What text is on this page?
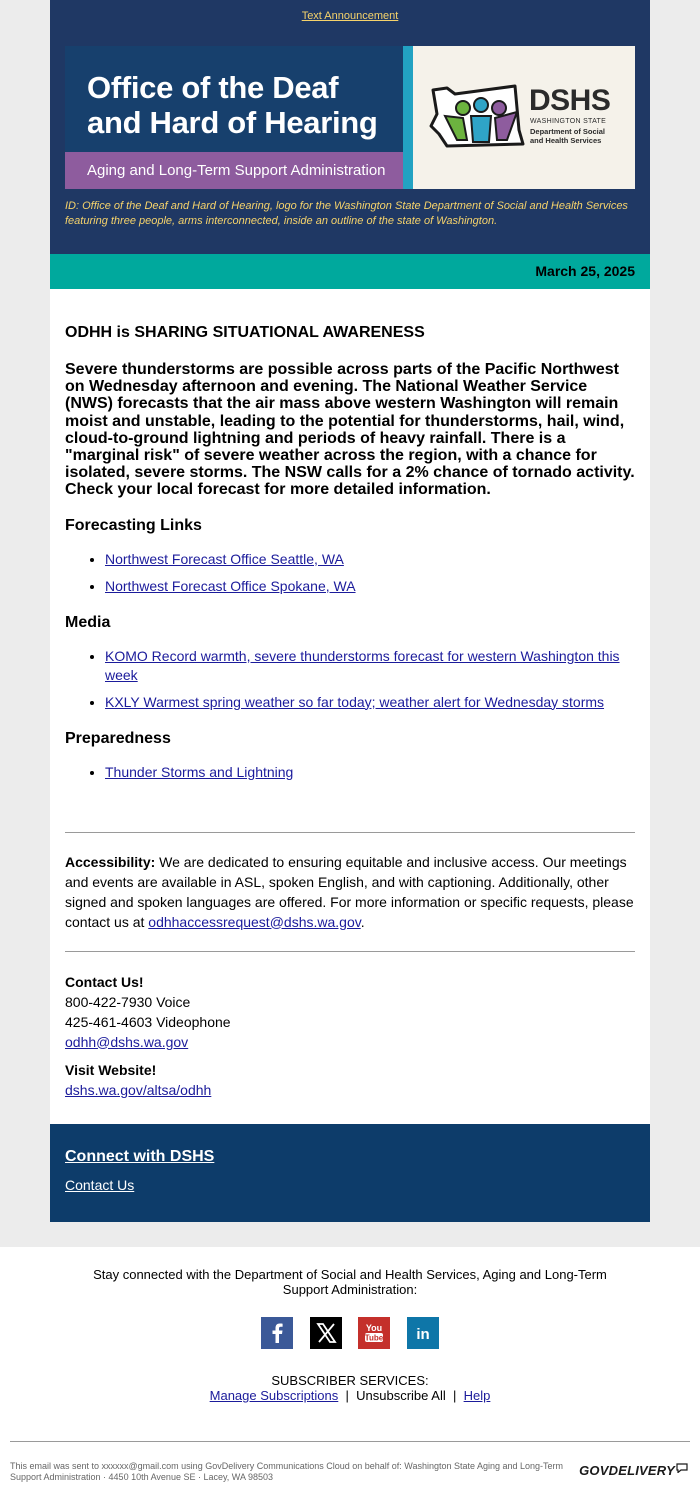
Text Announcement
Office of the Deaf and Hard of Hearing
Aging and Long-Term Support Administration
DSHS
WASHINGTON STATE
Department of Social
and Health Services
ID: Office of the Deaf and Hard of Hearing, logo for the Washington State Department of Social and Health Services featuring three people, arms interconnected, inside an outline of the state of Washington.
March 25, 2025
ODHH is SHARING SITUATIONAL AWARENESS
Severe thunderstorms are possible across parts of the Pacific Northwest on Wednesday afternoon and evening. The National Weather Service (NWS) forecasts that the air mass above western Washington will remain moist and unstable, leading to the potential for thunderstorms, hail, wind, cloud-to-ground lightning and periods of heavy rainfall. There is a "marginal risk" of severe weather across the region, with a chance for isolated, severe storms. The NSW calls for a 2% chance of tornado activity. Check your local forecast for more detailed information.
Forecasting Links
• Northwest Forecast Office Seattle, WA
• Northwest Forecast Office Spokane, WA
Media
• KOMO Record warmth, severe thunderstorms forecast for western Washington this week
• KXLY Warmest spring weather so far today; weather alert for Wednesday storms
Preparedness
• Thunder Storms and Lightning
Accessibility: We are dedicated to ensuring equitable and inclusive access. Our meetings and events are available in ASL, spoken English, and with captioning. Additionally, other signed and spoken languages are offered. For more information or specific requests, please contact us at odhhaccessrequest@dshs.wa.gov.
Contact Us!
800-422-7930 Voice
425-461-4603 Videophone
odhh@dshs.wa.gov
Visit Website!
dshs.wa.gov/altsa/odhh
Connect with DSHS
Contact Us
Stay connected with the Department of Social and Health Services, Aging and Long-Term Support Administration:

You
Tube
in
SUBSCRIBER SERVICES:
Manage Subscriptions | Unsubscribe All | Help
This email was sent to xxxxxx@gmail.com using GovDelivery Communications Cloud on behalf of: Washington State Aging and Long-Term Support Administration · 4450 10th Avenue SE · Lacey, WA 98503	GOVDELIVERY
